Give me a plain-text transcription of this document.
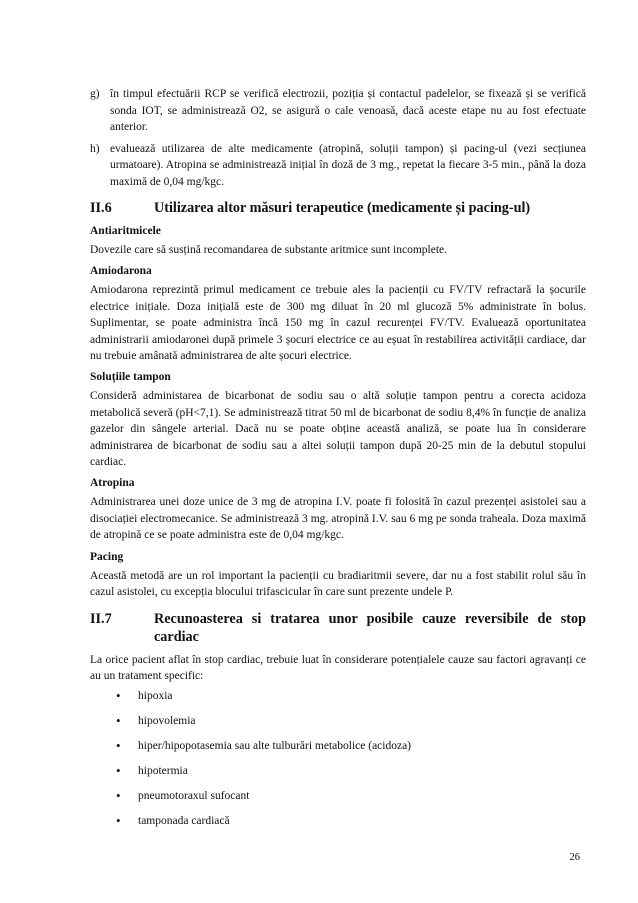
g) în timpul efectuării RCP se verifică electrozii, poziția și contactul padelelor, se fixează și se verifică sonda IOT, se administrează O2, se asigură o cale venoasă, dacă aceste etape nu au fost efectuate anterior.
h) evaluează utilizarea de alte medicamente (atropină, soluții tampon) și pacing-ul (vezi secțiunea urmatoare). Atropina se administrează inițial în doză de 3 mg., repetat la fiecare 3-5 min., până la doza maximă de 0,04 mg/kgc.
II.6	Utilizarea altor măsuri terapeutice (medicamente și pacing-ul)
Antiaritmicele

Dovezile care să susțină recomandarea de substante aritmice sunt incomplete.

Amiodarona

Amiodarona reprezintă primul medicament ce trebuie ales la pacienții cu FV/TV refractară la șocurile electrice inițiale. Doza inițială este de 300 mg diluat în 20 ml glucoză 5% administrate în bolus. Suplimentar, se poate administra încă 150 mg în cazul recurenței FV/TV. Evaluează oportunitatea administrarii amiodaronei după primele 3 șocuri electrice ce au eșuat în restabilirea activității cardiace, dar nu trebuie amânată administrarea de alte șocuri electrice.

Soluțiile tampon

Consideră administarea de bicarbonat de sodiu sau o altă soluție tampon pentru a corecta acidoza metabolică severă (pH<7,1). Se administrează titrat 50 ml de bicarbonat de sodiu 8,4% în funcție de analiza gazelor din sângele arterial. Dacă nu se poate obține această analiză, se poate lua în considerare administrarea de bicarbonat de sodiu sau a altei soluții tampon după 20-25 min de la debutul stopului cardiac.

Atropina

Administrarea unei doze unice de 3 mg de atropina I.V. poate fi folosită în cazul prezenței asistolei sau a disociației electromecanice. Se administrează 3 mg. atropină I.V. sau 6 mg pe sonda traheala. Doza maximă de atropină ce se poate administra este de 0,04 mg/kgc.

Pacing

Această metodă are un rol important la pacienții cu bradiaritmii severe, dar nu a fost stabilit rolul său în cazul asistolei, cu excepția blocului trifascicular în care sunt prezente undele P.

II.7	Recunoasterea si tratarea unor posibile cauze reversibile de stop cardiac

La orice pacient aflat în stop cardiac, trebuie luat în considerare potențialele cauze sau factori agravanți ce au un tratament specific:

•	hipoxia
•	hipovolemia
•	hiper/hipopotasemia sau alte tulburări metabolice (acidoza)
•	hipotermia
•	pneumotoraxul sufocant
•	tamponada cardiacă
26
